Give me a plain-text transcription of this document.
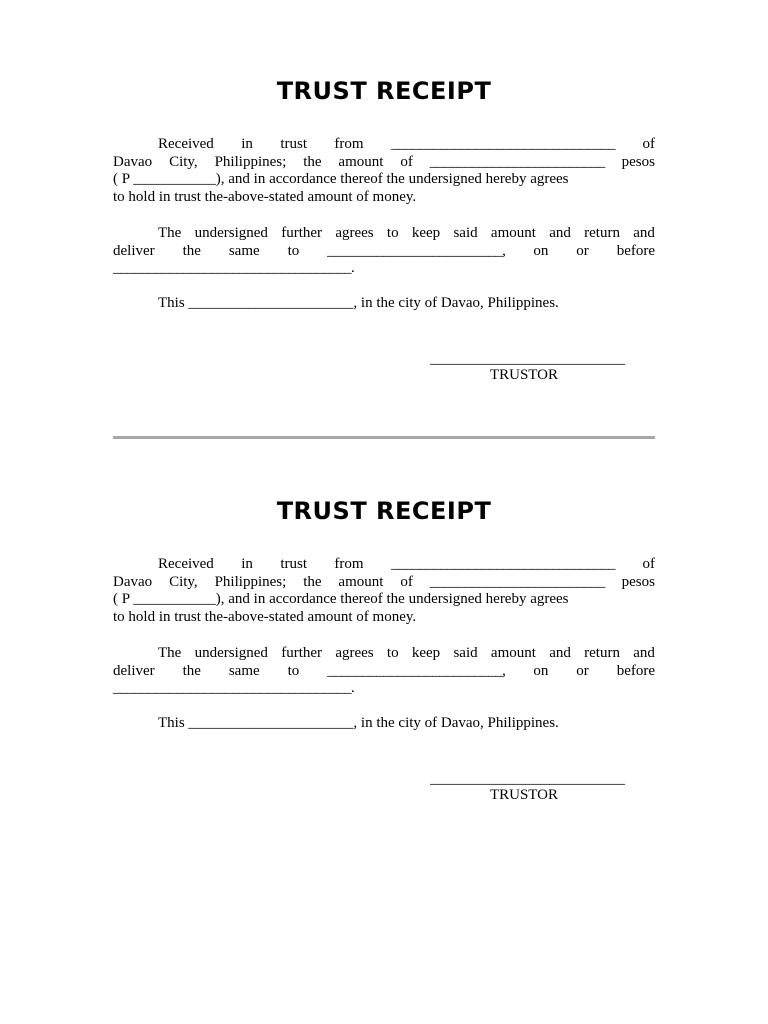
TRUST RECEIPT
Received in trust from ________________________________ of
Davao City, Philippines; the amount of _________________________ pesos
( P ___________), and in accordance thereof the undersigned hereby agrees
to hold in trust the-above-stated amount of money.
The undersigned further agrees to keep said amount and return and
deliver the same to _________________________, on or before
__________________________________.
This ______________________, in the city of Davao, Philippines.
__________________________
TRUSTOR
TRUST RECEIPT
Received in trust from ________________________________ of
Davao City, Philippines; the amount of _________________________ pesos
( P ___________), and in accordance thereof the undersigned hereby agrees
to hold in trust the-above-stated amount of money.
The undersigned further agrees to keep said amount and return and
deliver the same to _________________________, on or before
__________________________________.
This ______________________, in the city of Davao, Philippines.
__________________________
TRUSTOR
